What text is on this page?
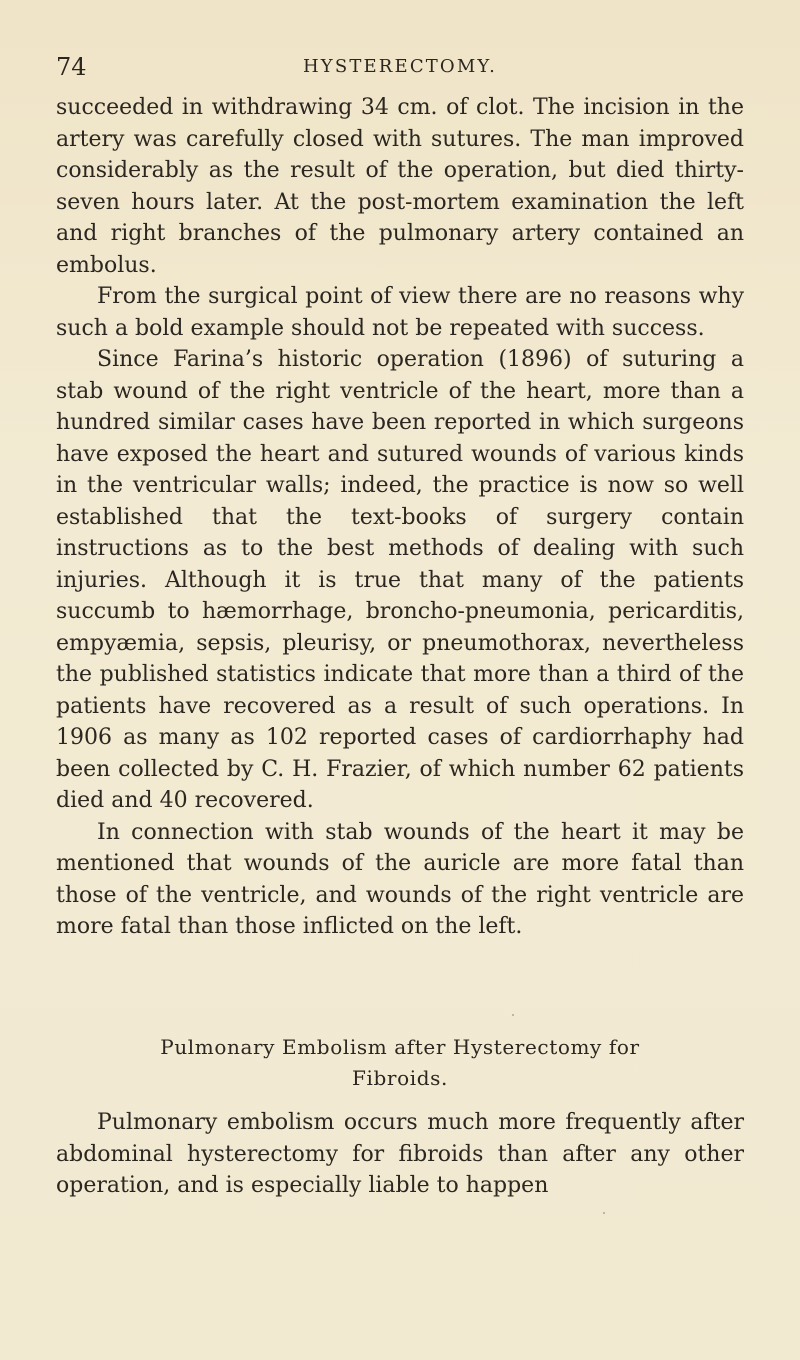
74	HYSTERECTOMY.

succeeded in withdrawing 34 cm. of clot. The incision in the artery was carefully closed with sutures. The man improved considerably as the result of the operation, but died thirty-seven hours later. At the post-mortem examination the left and right branches of the pulmonary artery contained an embolus.

From the surgical point of view there are no reasons why such a bold example should not be repeated with success.

Since Farina’s historic operation (1896) of suturing a stab wound of the right ventricle of the heart, more than a hundred similar cases have been reported in which surgeons have exposed the heart and sutured wounds of various kinds in the ventricular walls; indeed, the practice is now so well established that the text-books of surgery contain instructions as to the best methods of dealing with such injuries. Although it is true that many of the patients succumb to hæmorrhage, broncho-pneumonia, pericarditis, empyæmia, sepsis, pleurisy, or pneumothorax, nevertheless the published statistics indicate that more than a third of the patients have recovered as a result of such operations. In 1906 as many as 102 reported cases of cardiorrhaphy had been collected by C. H. Frazier, of which number 62 patients died and 40 recovered.

In connection with stab wounds of the heart it may be mentioned that wounds of the auricle are more fatal than those of the ventricle, and wounds of the right ventricle are more fatal than those inflicted on the left.

Pulmonary Embolism after Hysterectomy for
Fibroids.

Pulmonary embolism occurs much more frequently after abdominal hysterectomy for fibroids than after any other operation, and is especially liable to happen
